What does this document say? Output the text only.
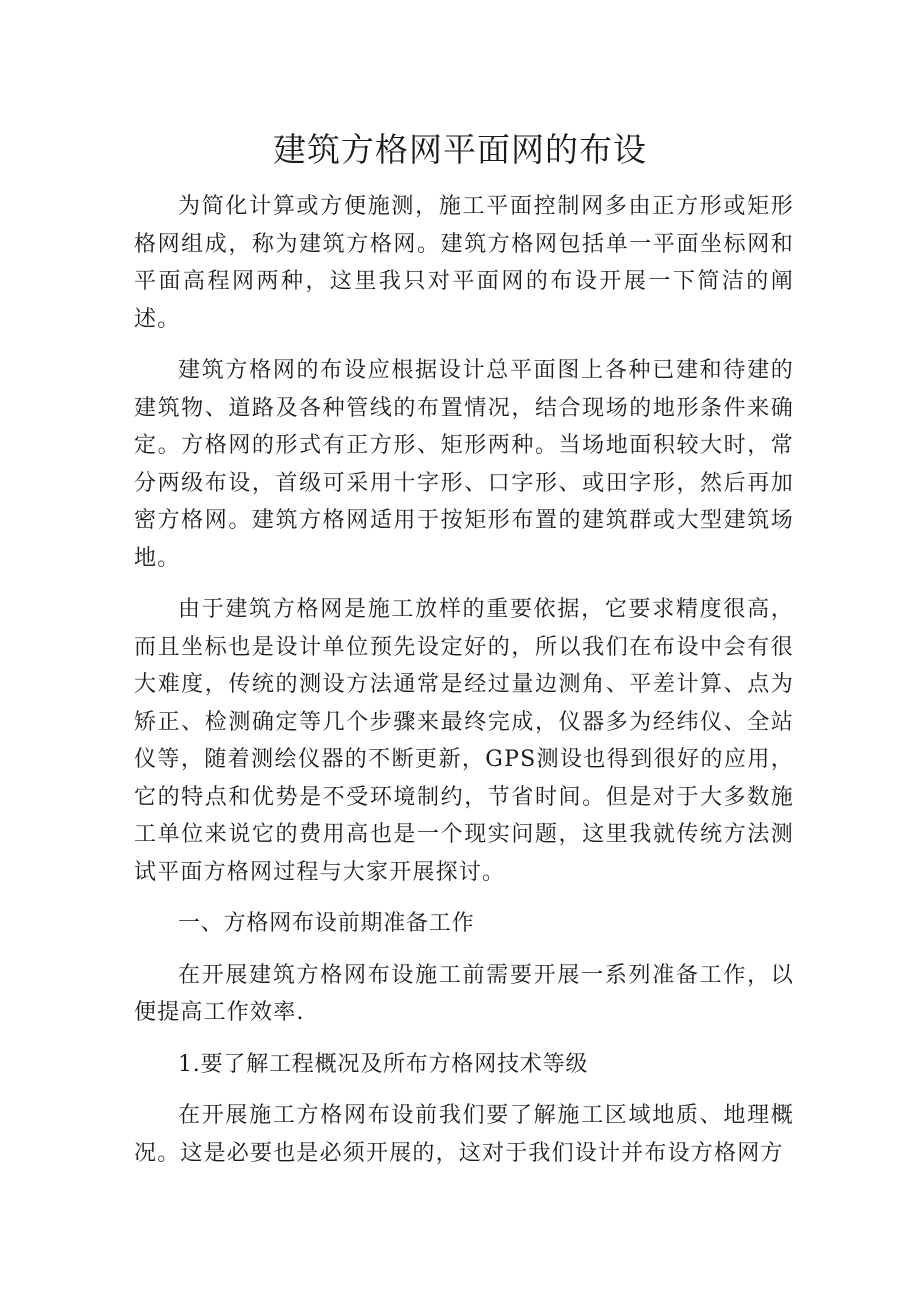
建筑方格网平面网的布设

为简化计算或方便施测，施工平面控制网多由正方形或矩形格网组成，称为建筑方格网。建筑方格网包括单一平面坐标网和平面高程网两种，这里我只对平面网的布设开展一下简洁的阐述。

建筑方格网的布设应根据设计总平面图上各种已建和待建的建筑物、道路及各种管线的布置情况，结合现场的地形条件来确定。方格网的形式有正方形、矩形两种。当场地面积较大时，常分两级布设，首级可采用十字形、口字形、或田字形，然后再加密方格网。建筑方格网适用于按矩形布置的建筑群或大型建筑场地。

由于建筑方格网是施工放样的重要依据，它要求精度很高，而且坐标也是设计单位预先设定好的，所以我们在布设中会有很大难度，传统的测设方法通常是经过量边测角、平差计算、点为矫正、检测确定等几个步骤来最终完成，仪器多为经纬仪、全站仪等，随着测绘仪器的不断更新，GPS测设也得到很好的应用，它的特点和优势是不受环境制约，节省时间。但是对于大多数施工单位来说它的费用高也是一个现实问题，这里我就传统方法测试平面方格网过程与大家开展探讨。

一、方格网布设前期准备工作

在开展建筑方格网布设施工前需要开展一系列准备工作，以便提高工作效率.

1.要了解工程概况及所布方格网技术等级

在开展施工方格网布设前我们要了解施工区域地质、地理概况。这是必要也是必须开展的，这对于我们设计并布设方格网方
